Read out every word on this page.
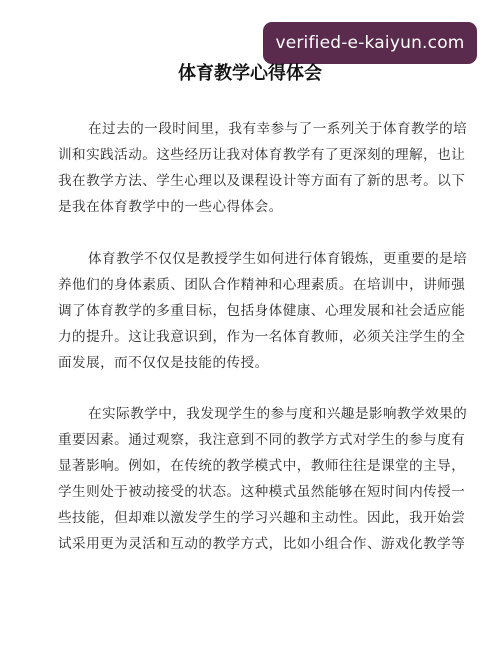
verified-e-kaiyun.com
体育教学心得体会
在过去的一段时间里，我有幸参与了一系列关于体育教学的培
训和实践活动。这些经历让我对体育教学有了更深刻的理解，也让
我在教学方法、学生心理以及课程设计等方面有了新的思考。以下
是我在体育教学中的一些心得体会。
体育教学不仅仅是教授学生如何进行体育锻炼，更重要的是培
养他们的身体素质、团队合作精神和心理素质。在培训中，讲师强
调了体育教学的多重目标，包括身体健康、心理发展和社会适应能
力的提升。这让我意识到，作为一名体育教师，必须关注学生的全
面发展，而不仅仅是技能的传授。
在实际教学中，我发现学生的参与度和兴趣是影响教学效果的
重要因素。通过观察，我注意到不同的教学方式对学生的参与度有
显著影响。例如，在传统的教学模式中，教师往往是课堂的主导，
学生则处于被动接受的状态。这种模式虽然能够在短时间内传授一
些技能，但却难以激发学生的学习兴趣和主动性。因此，我开始尝
试采用更为灵活和互动的教学方式，比如小组合作、游戏化教学等
